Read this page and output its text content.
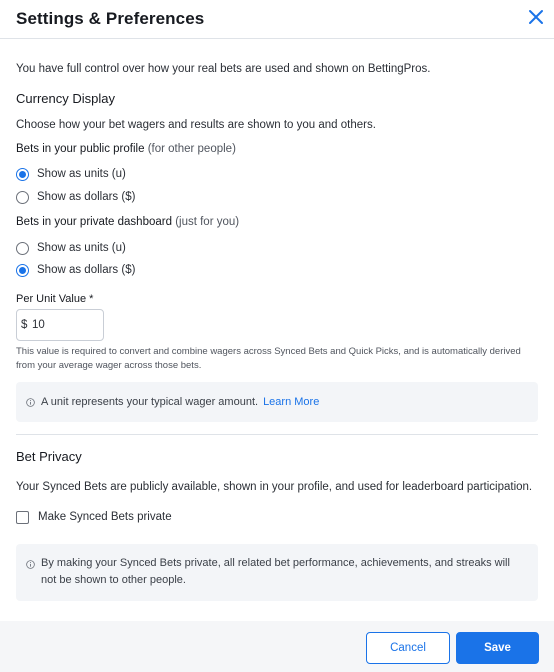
Settings & Preferences
You have full control over how your real bets are used and shown on BettingPros.
Currency Display
Choose how your bet wagers and results are shown to you and others.
Bets in your public profile (for other people)
Show as units (u)
Show as dollars ($)
Bets in your private dashboard (just for you)
Show as units (u)
Show as dollars ($)
Per Unit Value *
$
10
This value is required to convert and combine wagers across Synced Bets and Quick Picks, and is automatically derived from your average wager across those bets.
A unit represents your typical wager amount. Learn More
Bet Privacy
Your Synced Bets are publicly available, shown in your profile, and used for leaderboard participation.
Make Synced Bets private
By making your Synced Bets private, all related bet performance, achievements, and streaks will
not be shown to other people.
Cancel	Save
